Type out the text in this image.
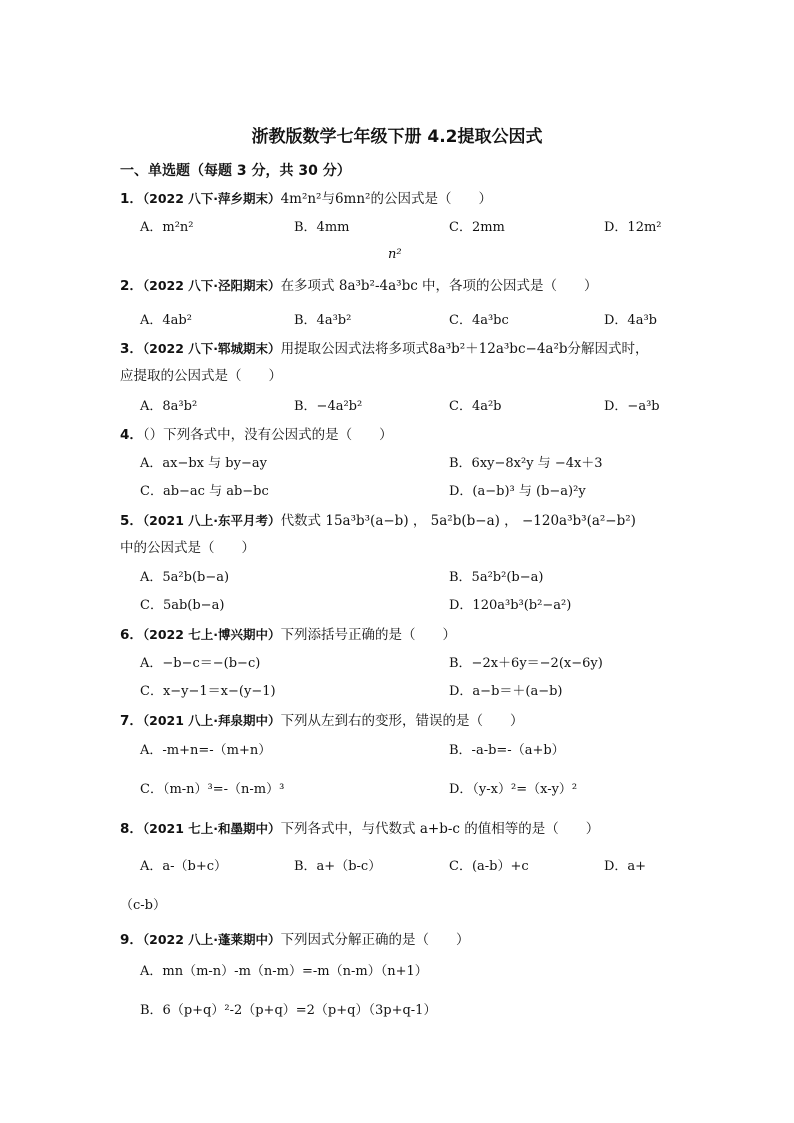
浙教版数学七年级下册 4.2提取公因式
一、单选题（每题 3 分，共 30 分）
1．（2022 八下·萍乡期末）4m²n²与6mn²的公因式是（　　）
A．m²n²	B．4mm	C．2mm	D．12m²
n²
2．（2022 八下·泾阳期末）在多项式 8a³b²-4a³bc 中，各项的公因式是（　　）
A．4ab²	B．4a³b²	C．4a³bc	D．4a³b
3．（2022 八下·郓城期末）用提取公因式法将多项式8a³b²＋12a³bc−4a²b分解因式时，
应提取的公因式是（　　）
A．8a³b²	B．−4a²b²	C．4a²b	D．−a³b
4．（）下列各式中，没有公因式的是（　　）
A．ax−bx 与 by−ay	B．6xy−8x²y 与 −4x＋3
C．ab−ac 与 ab−bc	D．(a−b)³ 与 (b−a)²y
5．（2021 八上·东平月考）代数式 15a³b³(a−b) ， 5a²b(b−a) ， −120a³b³(a²−b²)
中的公因式是（　　）
A．5a²b(b−a)	B．5a²b²(b−a)
C．5ab(b−a)	D．120a³b³(b²−a²)
6．（2022 七上·博兴期中）下列添括号正确的是（　　）
A．−b−c＝−(b−c)	B．−2x＋6y＝−2(x−6y)
C．x−y−1＝x−(y−1)	D．a−b＝＋(a−b)
7．（2021 八上·拜泉期中）下列从左到右的变形，错误的是（　　）
A．-m+n=-（m+n）	B．-a-b=-（a+b）
C．（m-n）³=-（n-m）³	D．（y-x）²=（x-y）²
8．（2021 七上·和墨期中）下列各式中，与代数式 a+b-c 的值相等的是（　　）
A．a-（b+c）	B．a+（b-c）	C．(a-b）+c	D．a+
（c-b）
9．（2022 八上·蓬莱期中）下列因式分解正确的是（　　）
A．mn（m-n）-m（n-m）=-m（n-m）（n+1）
B．6（p+q）²-2（p+q）=2（p+q）（3p+q-1）
